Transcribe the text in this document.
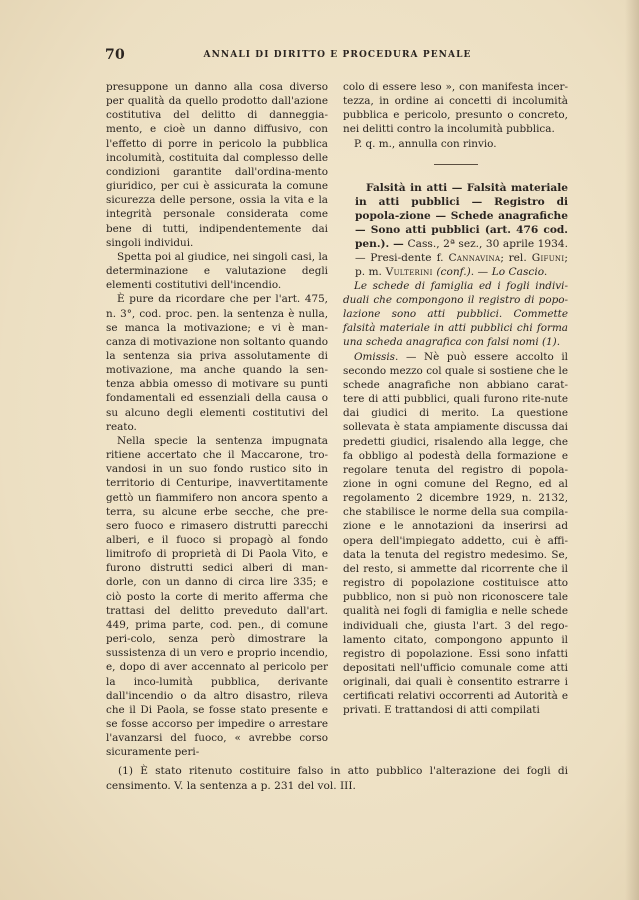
70	ANNALI DI DIRITTO E PROCEDURA PENALE

presuppone un danno alla cosa diverso per qualità da quello prodotto dall'azione costitutiva del delitto di danneggia-mento, e cioè un danno diffusivo, con l'effetto di porre in pericolo la pubblica incolumità, costituita dal complesso delle condizioni garantite dall'ordina-mento giuridico, per cui è assicurata la comune sicurezza delle persone, ossia la vita e la integrità personale considerata come bene di tutti, indipendentemente dai singoli individui.

Spetta poi al giudice, nei singoli casi, la determinazione e valutazione degli elementi costitutivi dell'incendio.

È pure da ricordare che per l'art. 475, n. 3°, cod. proc. pen. la sentenza è nulla, se manca la motivazione; e vi è man-canza di motivazione non soltanto quando la sentenza sia priva assolutamente di motivazione, ma anche quando la sen-tenza abbia omesso di motivare su punti fondamentali ed essenziali della causa o su alcuno degli elementi costitutivi del reato.

Nella specie la sentenza impugnata ritiene accertato che il Maccarone, tro-vandosi in un suo fondo rustico sito in territorio di Centuripe, inavvertitamente gettò un fiammifero non ancora spento a terra, su alcune erbe secche, che pre-sero fuoco e rimasero distrutti parecchi alberi, e il fuoco si propagò al fondo limitrofo di proprietà di Di Paola Vito, e furono distrutti sedici alberi di man-dorle, con un danno di circa lire 335; e ciò posto la corte di merito afferma che trattasi del delitto preveduto dall'art. 449, prima parte, cod. pen., di comune peri-colo, senza però dimostrare la sussistenza di un vero e proprio incendio, e, dopo di aver accennato al pericolo per la inco-lumità pubblica, derivante dall'incendio o da altro disastro, rileva che il Di Paola, se fosse stato presente e se fosse accorso per impedire o arrestare l'avanzarsi del fuoco, « avrebbe corso sicuramente peri-

colo di essere leso », con manifesta incer-tezza, in ordine ai concetti di incolumità pubblica e pericolo, presunto o concreto, nei delitti contro la incolumità pubblica.

P. q. m., annulla con rinvio.

Falsità in atti — Falsità materiale in atti pubblici — Registro di popola-zione — Schede anagrafiche — Sono atti pubblici (art. 476 cod. pen.). — Cass., 2ª sez., 30 aprile 1934. — Presi-dente f. Cannavina; rel. Gifuni; p. m. Vulterini (conf.). — Lo Cascio.

Le schede di famiglia ed i fogli indivi-duali che compongono il registro di popo-lazione sono atti pubblici. Commette falsità materiale in atti pubblici chi forma una scheda anagrafica con falsi nomi (1).

Omissis. — Nè può essere accolto il secondo mezzo col quale si sostiene che le schede anagrafiche non abbiano carat-tere di atti pubblici, quali furono rite-nute dai giudici di merito. La questione sollevata è stata ampiamente discussa dai predetti giudici, risalendo alla legge, che fa obbligo al podestà della formazione e regolare tenuta del registro di popola-zione in ogni comune del Regno, ed al regolamento 2 dicembre 1929, n. 2132, che stabilisce le norme della sua compila-zione e le annotazioni da inserirsi ad opera dell'impiegato addetto, cui è affi-data la tenuta del registro medesimo. Se, del resto, si ammette dal ricorrente che il registro di popolazione costituisce atto pubblico, non si può non riconoscere tale qualità nei fogli di famiglia e nelle schede individuali che, giusta l'art. 3 del rego-lamento citato, compongono appunto il registro di popolazione. Essi sono infatti depositati nell'ufficio comunale come atti originali, dai quali è consentito estrarre i certificati relativi occorrenti ad Autorità e privati. E trattandosi di atti compilati

(1) È stato ritenuto costituire falso in atto pubblico l'alterazione dei fogli di censimento. V. la sentenza a p. 231 del vol. III.
